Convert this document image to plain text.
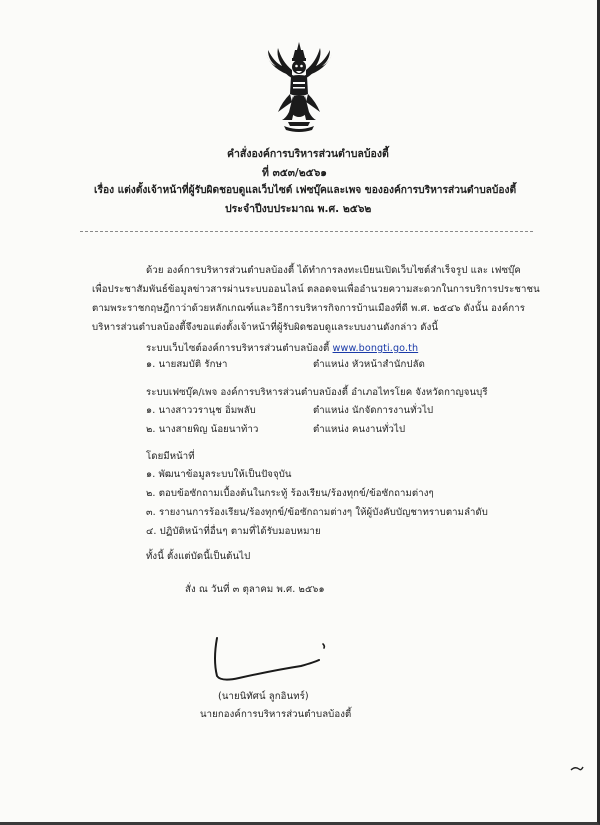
คำสั่งองค์การบริหารส่วนตำบลบ้องตี้
ที่ ๓๕๓/๒๕๖๑
เรื่อง แต่งตั้งเจ้าหน้าที่ผู้รับผิดชอบดูแลเว็บไซต์ เฟซบุ๊คและเพจ ขององค์การบริหารส่วนตำบลบ้องตี้
ประจำปีงบประมาณ พ.ศ. ๒๕๖๒
ด้วย องค์การบริหารส่วนตำบลบ้องตี้ ได้ทำการลงทะเบียนเปิดเว็บไซต์สำเร็จรูป และ เฟซบุ๊ค
เพื่อประชาสัมพันธ์ข้อมูลข่าวสารผ่านระบบออนไลน์ ตลอดจนเพื่ออำนวยความสะดวกในการบริการประชาชน
ตามพระราชกฤษฎีกาว่าด้วยหลักเกณฑ์และวิธีการบริหารกิจการบ้านเมืองที่ดี พ.ศ. ๒๕๔๖ ดังนั้น องค์การ
บริหารส่วนตำบลบ้องตี้จึงขอแต่งตั้งเจ้าหน้าที่ผู้รับผิดชอบดูแลระบบงานดังกล่าว ดังนี้
ระบบเว็บไซต์องค์การบริหารส่วนตำบลบ้องตี้ www.bongti.go.th
๑. นายสมบัติ รักษา	ตำแหน่ง หัวหน้าสำนักปลัด
ระบบเฟซบุ๊ค/เพจ องค์การบริหารส่วนตำบลบ้องตี้ อำเภอไทรโยค จังหวัดกาญจนบุรี
๑. นางสาววรานุช อิ่มพลับ	ตำแหน่ง นักจัดการงานทั่วไป
๒. นางสายพิญ น้อยนาท้าว	ตำแหน่ง คนงานทั่วไป
โดยมีหน้าที่
๑. พัฒนาข้อมูลระบบให้เป็นปัจจุบัน
๒. ตอบข้อซักถามเบื้องต้นในกระทู้ ร้องเรียน/ร้องทุกข์/ข้อซักถามต่างๆ
๓. รายงานการร้องเรียน/ร้องทุกข์/ข้อซักถามต่างๆ ให้ผู้บังคับบัญชาทราบตามลำดับ
๔. ปฏิบัติหน้าที่อื่นๆ ตามที่ได้รับมอบหมาย
ทั้งนี้ ตั้งแต่บัดนี้เป็นต้นไป
สั่ง ณ วันที่ ๓ ตุลาคม พ.ศ. ๒๕๖๑
(นายนิทัศน์ ลูกอินทร์)
นายกองค์การบริหารส่วนตำบลบ้องตี้
